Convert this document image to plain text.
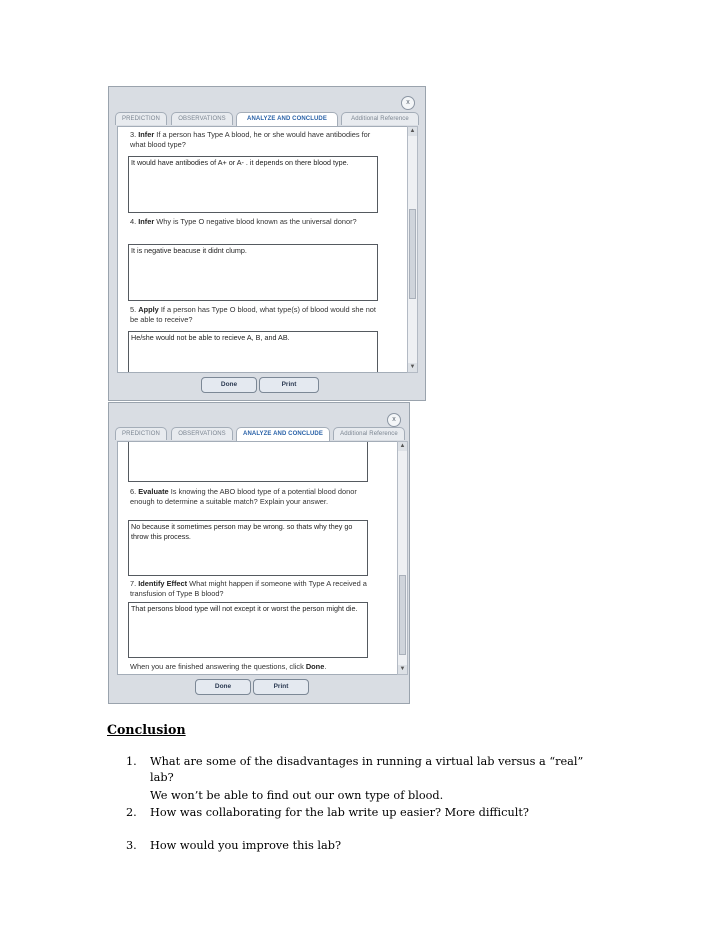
x
PREDICTION	OBSERVATIONS	ANALYZE AND CONCLUDE	Additional Reference
3. Infer If a person has Type A blood, he or she would have antibodies for what blood type?
It would have antibodies of A+ or A- . it depends on there blood type.
4. Infer Why is Type O negative blood known as the universal donor?
It is negative beacuse it didnt clump.
5. Apply If a person has Type O blood, what type(s) of blood would she not be able to receive?
He/she would not be able to recieve A, B, and AB.
▲
▼
Done	Print
x
PREDICTION	OBSERVATIONS	ANALYZE AND CONCLUDE	Additional Reference
6. Evaluate Is knowing the ABO blood type of a potential blood donor enough to determine a suitable match? Explain your answer.
No because it sometimes person may be wrong. so thats why they go throw this process.
7. Identify Effect What might happen if someone with Type A received a transfusion of Type B blood?
That persons blood type will not except it or worst the person might die.
When you are finished answering the questions, click Done.
▲
▼
Done	Print
Conclusion
1. What are some of the disadvantages in running a virtual lab versus a “real”
lab?
We won’t be able to find out our own type of blood.
2. How was collaborating for the lab write up easier? More difficult?
3. How would you improve this lab?
